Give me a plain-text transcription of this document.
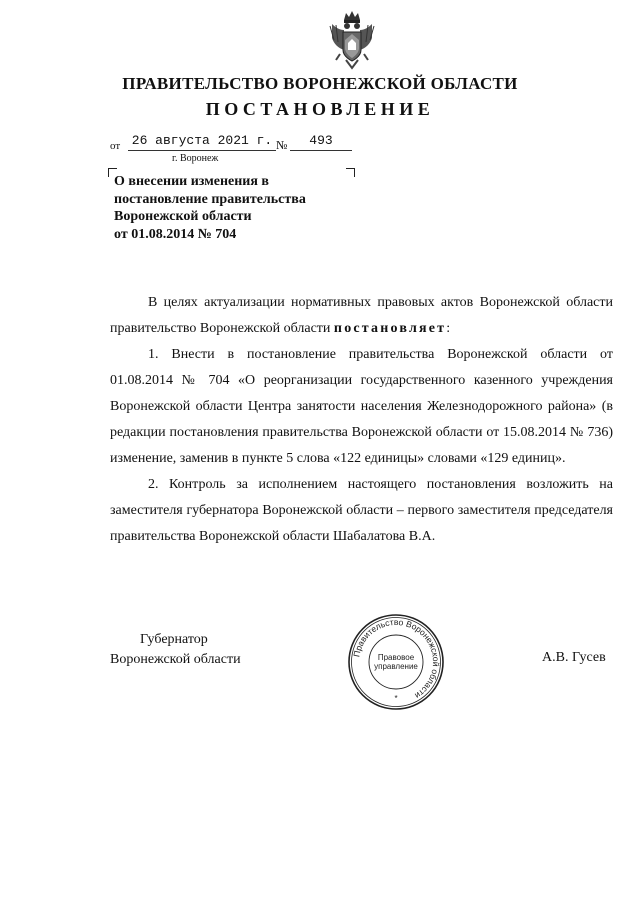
ПРАВИТЕЛЬСТВО ВОРОНЕЖСКОЙ ОБЛАСТИ
ПОСТАНОВЛЕНИЕ
от 26 августа 2021 г. №	493
г. Воронеж
О внесении изменения в
постановление правительства
Воронежской области
от 01.08.2014 № 704

В целях актуализации нормативных правовых актов Воронежской области правительство Воронежской области постановляет:

1. Внести в постановление правительства Воронежской области от 01.08.2014 № 704 «О реорганизации государственного казенного учреждения Воронежской области Центра занятости населения Железнодорожного района» (в редакции постановления правительства Воронежской области от 15.08.2014 № 736) изменение, заменив в пункте 5 слова «122 единицы» словами «129 единиц».

2. Контроль за исполнением настоящего постановления возложить на заместителя губернатора Воронежской области – первого заместителя председателя правительства Воронежской области Шабалатова В.А.

Губернатор
Воронежской области	А.В. Гусев
Правительство Воронежской области
Правовое
управление
*
